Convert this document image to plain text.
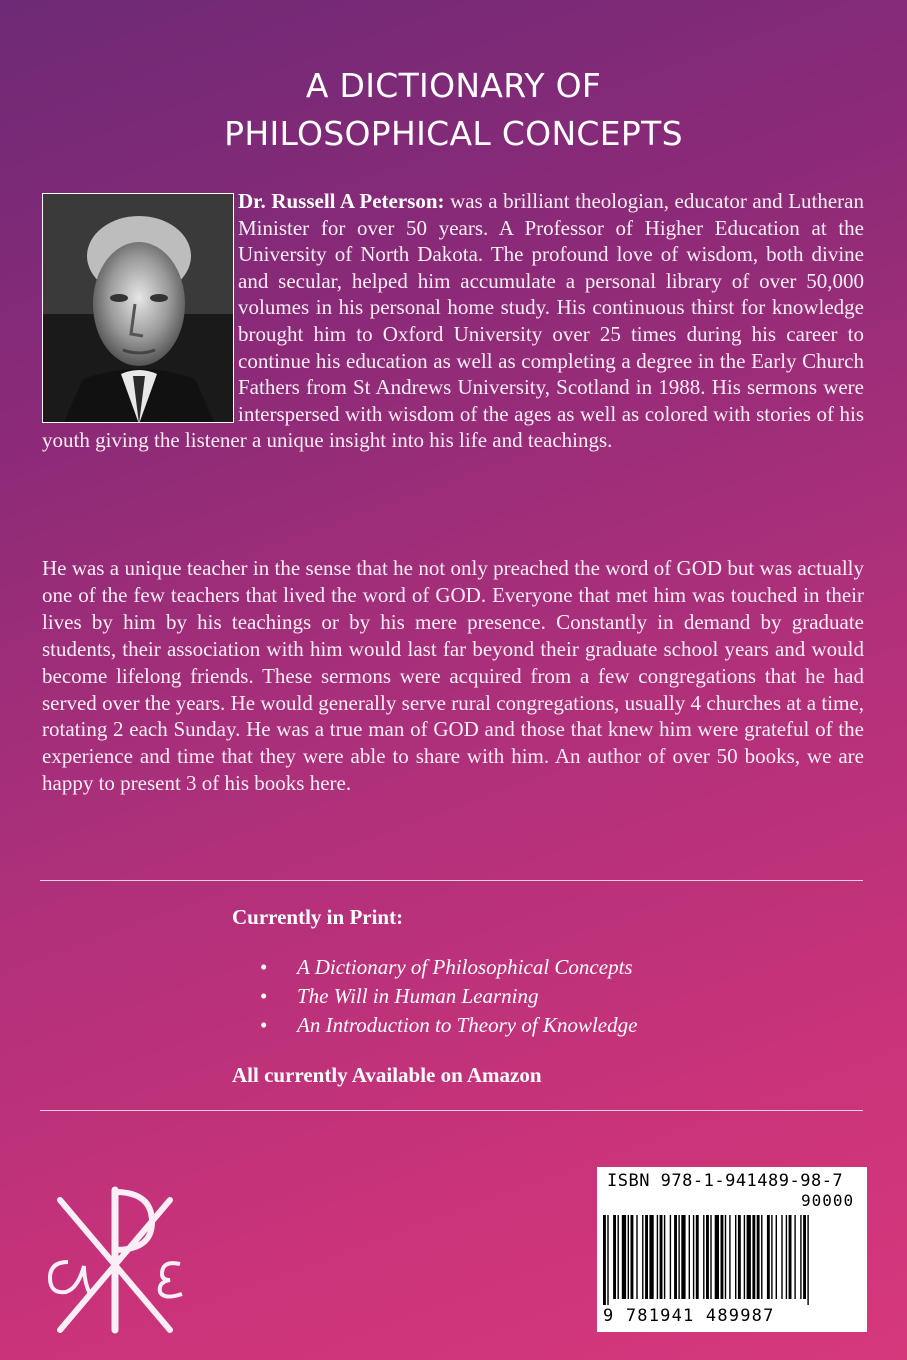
A DICTIONARY OF
PHILOSOPHICAL CONCEPTS
Dr. Russell A Peterson: was a brilliant theologian, educator and Lutheran Minister for over 50 years. A Professor of Higher Education at the University of North Dakota. The profound love of wisdom, both divine and secular, helped him accumulate a personal library of over 50,000 volumes in his personal home study. His continuous thirst for knowledge brought him to Oxford University over 25 times during his career to continue his education as well as completing a degree in the Early Church Fathers from St Andrews University, Scotland in 1988. His sermons were interspersed with wisdom of the ages as well as colored with stories of his youth giving the listener a unique insight into his life and teachings.
He was a unique teacher in the sense that he not only preached the word of GOD but was actually one of the few teachers that lived the word of GOD. Everyone that met him was touched in their lives by him by his teachings or by his mere presence. Constantly in demand by graduate students, their association with him would last far beyond their graduate school years and would become lifelong friends. These sermons were acquired from a few congregations that he had served over the years. He would generally serve rural congregations, usually 4 churches at a time, rotating 2 each Sunday. He was a true man of GOD and those that knew him were grateful of the experience and time that they were able to share with him. An author of over 50 books, we are happy to present 3 of his books here.
Currently in Print:
• A Dictionary of Philosophical Concepts
• The Will in Human Learning
• An Introduction to Theory of Knowledge
All currently Available on Amazon
ISBN 978-1-941489-98-7
90000
9 781941 489987
